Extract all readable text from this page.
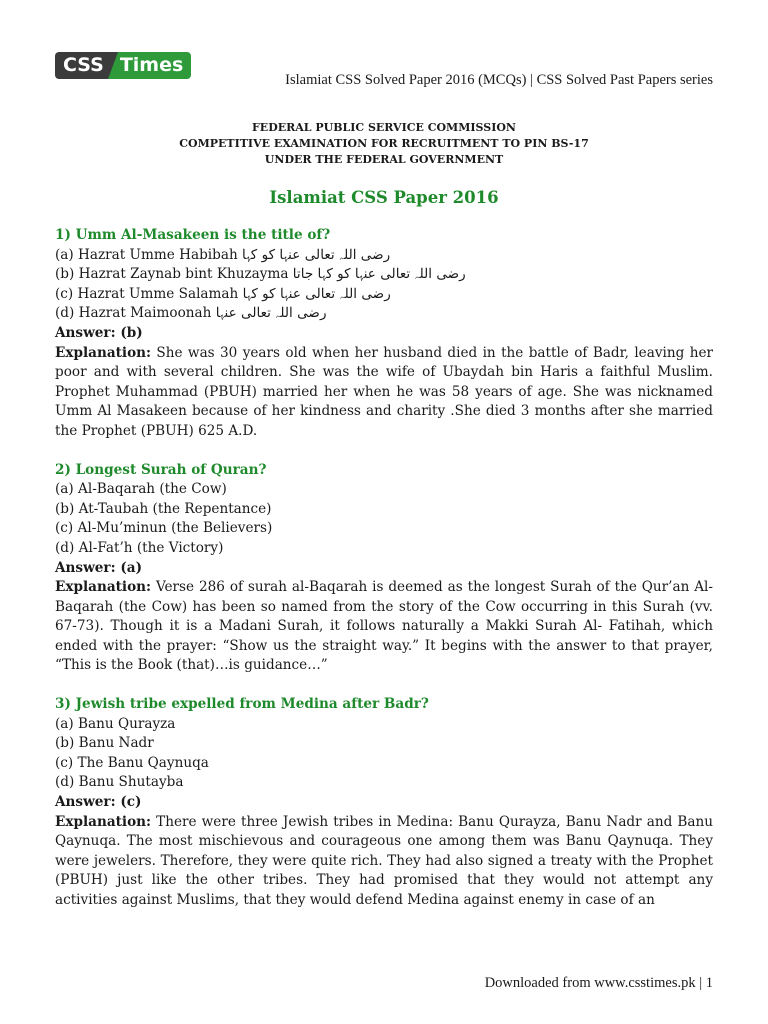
CSS Times
Islamiat CSS Solved Paper 2016 (MCQs) | CSS Solved Past Papers series
FEDERAL PUBLIC SERVICE COMMISSION
COMPETITIVE EXAMINATION FOR RECRUITMENT TO PIN BS-17
UNDER THE FEDERAL GOVERNMENT
Islamiat CSS Paper 2016

1) Umm Al-Masakeen is the title of?

(a) Hazrat Umme Habibah ﺭﺿﯽ ﺍﻟﻠﮧ ﺗﻌﺎﻟﯽ ﻋﻨﮩﺎ ﮐﻮ ﮐﮩﺎ

(b) Hazrat Zaynab bint Khuzayma ﺭﺿﯽ ﺍﻟﻠﮧ ﺗﻌﺎﻟﯽ ﻋﻨﮩﺎ ﮐﻮ ﮐﮩﺎ ﺟﺎﺗﺎ

(c) Hazrat Umme Salamah ﺭﺿﯽ ﺍﻟﻠﮧ ﺗﻌﺎﻟﯽ ﻋﻨﮩﺎ ﮐﻮ ﮐﮩﺎ

(d) Hazrat Maimoonah ﺭﺿﯽ ﺍﻟﻠﮧ ﺗﻌﺎﻟﯽ ﻋﻨﮩﺎ

Answer: (b)

Explanation: She was 30 years old when her husband died in the battle of Badr, leaving her poor and with several children. She was the wife of Ubaydah bin Haris a faithful Muslim. Prophet Muhammad (PBUH) married her when he was 58 years of age. She was nicknamed Umm Al Masakeen because of her kindness and charity .She died 3 months after she married the Prophet (PBUH) 625 A.D.

2) Longest Surah of Quran?

(a) Al-Baqarah (the Cow)

(b) At-Taubah (the Repentance)

(c) Al-Mu’minun (the Believers)

(d) Al-Fat’h (the Victory)

Answer: (a)

Explanation: Verse 286 of surah al-Baqarah is deemed as the longest Surah of the Qur’an Al-Baqarah (the Cow) has been so named from the story of the Cow occurring in this Surah (vv. 67-73). Though it is a Madani Surah, it follows naturally a Makki Surah Al- Fatihah, which ended with the prayer: “Show us the straight way.” It begins with the answer to that prayer, “This is the Book (that)…is guidance…”

3) Jewish tribe expelled from Medina after Badr?

(a) Banu Qurayza

(b) Banu Nadr

(c) The Banu Qaynuqa

(d) Banu Shutayba

Answer: (c)

Explanation: There were three Jewish tribes in Medina: Banu Qurayza, Banu Nadr and Banu Qaynuqa. The most mischievous and courageous one among them was Banu Qaynuqa. They were jewelers. Therefore, they were quite rich. They had also signed a treaty with the Prophet (PBUH) just like the other tribes. They had promised that they would not attempt any activities against Muslims, that they would defend Medina against enemy in case of an

Downloaded from www.csstimes.pk | 1
